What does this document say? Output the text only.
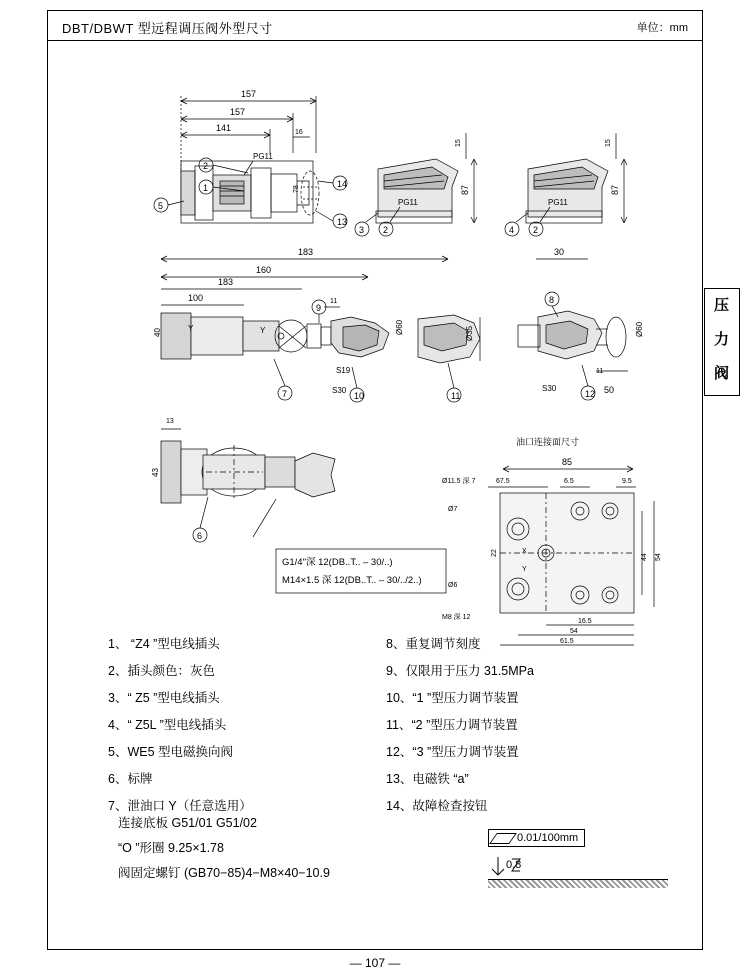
DBT/DBWT 型远程调压阀外型尺寸	单位：mm
157
157
141	16
PG11
78
2
1
5
14
13
PG11
15
87
3 2
PG11
15
87
4 2
183
160
183
100
30
40	Y	Y
9
11
S19
S30
7	10
Ø60	Ø35
11
8
12
S30	50
11
Ø60
13
43
6
G1/4"深 12(DB..T.. – 30/..)
M14×1.5 深 12(DB..T.. – 30/../2..)
油口连接面尺寸
85
Ø11.5 深 7	67.5	6.5	9.5
Ø7
Ø6
M8 深 12
X
Y
22
44 54
16.5
54
61.5
1、 “Z4 ”型电线插头
2、插头颜色：灰色
3、“ Z5 ”型电线插头
4、“ Z5L ”型电线插头
5、WE5 型电磁换向阀
6、标牌
7、泄油口 Y（任意选用）
8、重复调节刻度
9、仅限用于压力 31.5MPa
10、“1 ”型压力调节装置
11、“2 ”型压力调节装置
12、“3 ”型压力调节装置
13、电磁铁 “a”
14、故障检查按钮
连接底板 G51/01 G51/02
“O ”形圈 9.25×1.78
阀固定螺钉 (GB70−85)4−M8×40−10.9
0.01/100mm
0.8
压
力
阀
— 107 —
